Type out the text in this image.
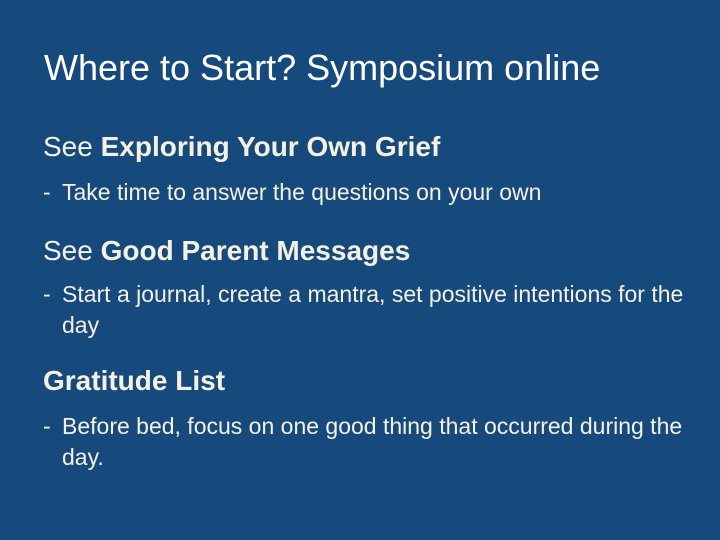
Where to Start? Symposium online

See Exploring Your Own Grief

- Take time to answer the questions on your own

See Good Parent Messages

- Start a journal, create a mantra, set positive intentions for the day

Gratitude List

- Before bed, focus on one good thing that occurred during the day.
